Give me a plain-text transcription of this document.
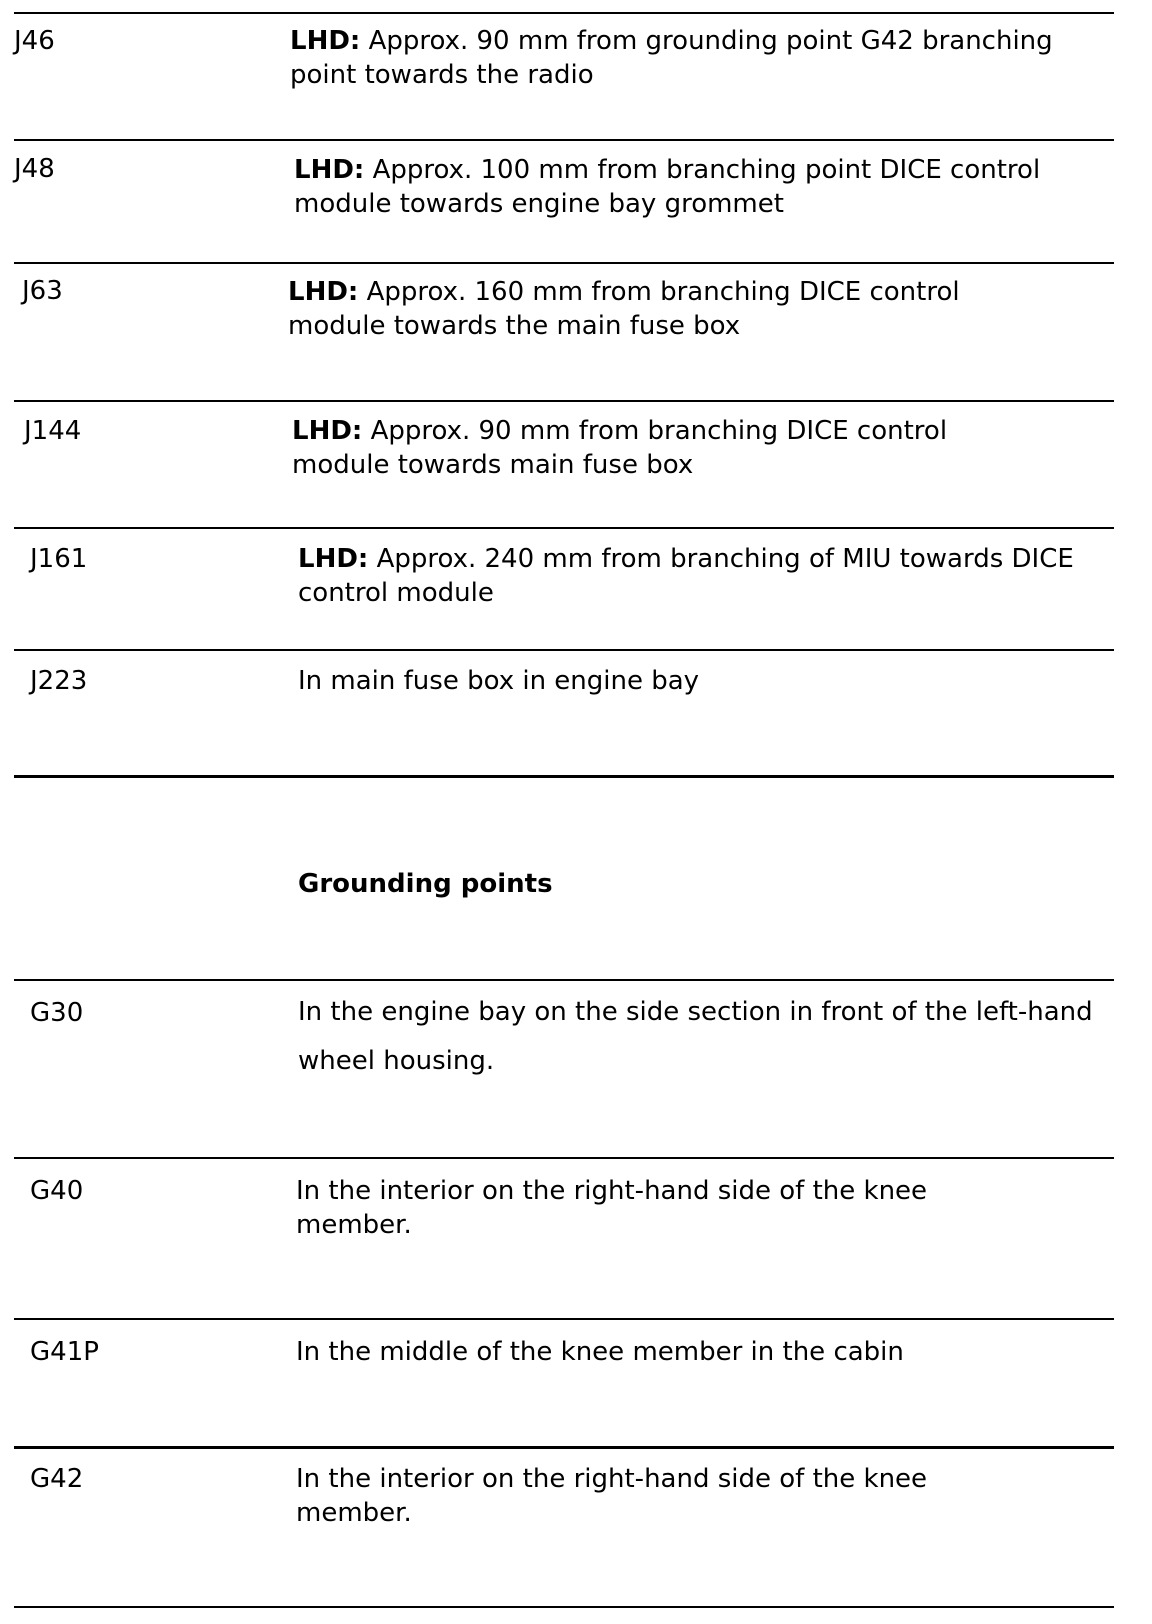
J46	LHD: Approx. 90 mm from grounding point G42 branching point towards the radio
J48	LHD: Approx. 100 mm from branching point DICE control module towards engine bay grommet
J63	LHD: Approx. 160 mm from branching DICE control module towards the main fuse box
J144	LHD: Approx. 90 mm from branching DICE control module towards main fuse box
J161	LHD: Approx. 240 mm from branching of MIU towards DICE control module
J223	In main fuse box in engine bay
Grounding points
G30	In the engine bay on the side section in front of the left-hand wheel housing.
G40	In the interior on the right-hand side of the knee member.
G41P	In the middle of the knee member in the cabin
G42	In the interior on the right-hand side of the knee member.
